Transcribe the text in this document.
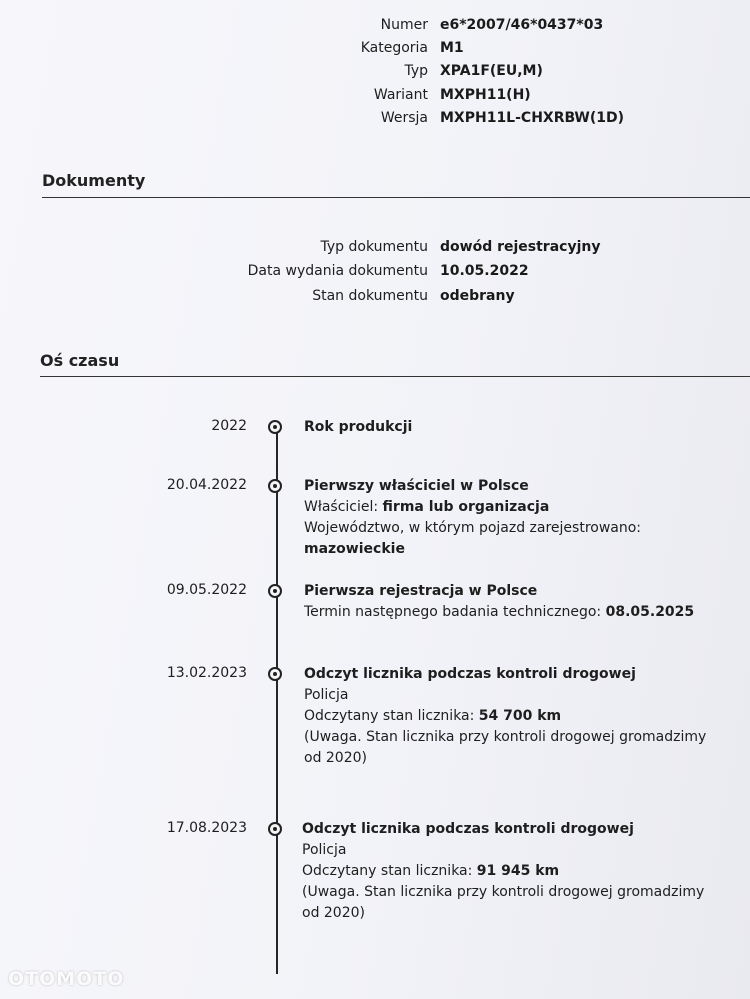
Numer e6*2007/46*0437*03
Kategoria M1
Typ XPA1F(EU,M)
Wariant MXPH11(H)
Wersja MXPH11L-CHXRBW(1D)
Dokumenty
Typ dokumentu dowód rejestracyjny
Data wydania dokumentu 10.05.2022
Stan dokumentu odebrany
Oś czasu
2022	Rok produkcji
20.04.2022	Pierwszy właściciel w Polsce
Właściciel: firma lub organizacja
Województwo, w którym pojazd zarejestrowano: mazowieckie
09.05.2022	Pierwsza rejestracja w Polsce
Termin następnego badania technicznego: 08.05.2025
13.02.2023	Odczyt licznika podczas kontroli drogowej
Policja
Odczytany stan licznika: 54 700 km
(Uwaga. Stan licznika przy kontroli drogowej gromadzimy od 2020)
17.08.2023	Odczyt licznika podczas kontroli drogowej
Policja
Odczytany stan licznika: 91 945 km
(Uwaga. Stan licznika przy kontroli drogowej gromadzimy od 2020)
OTOMOTO
